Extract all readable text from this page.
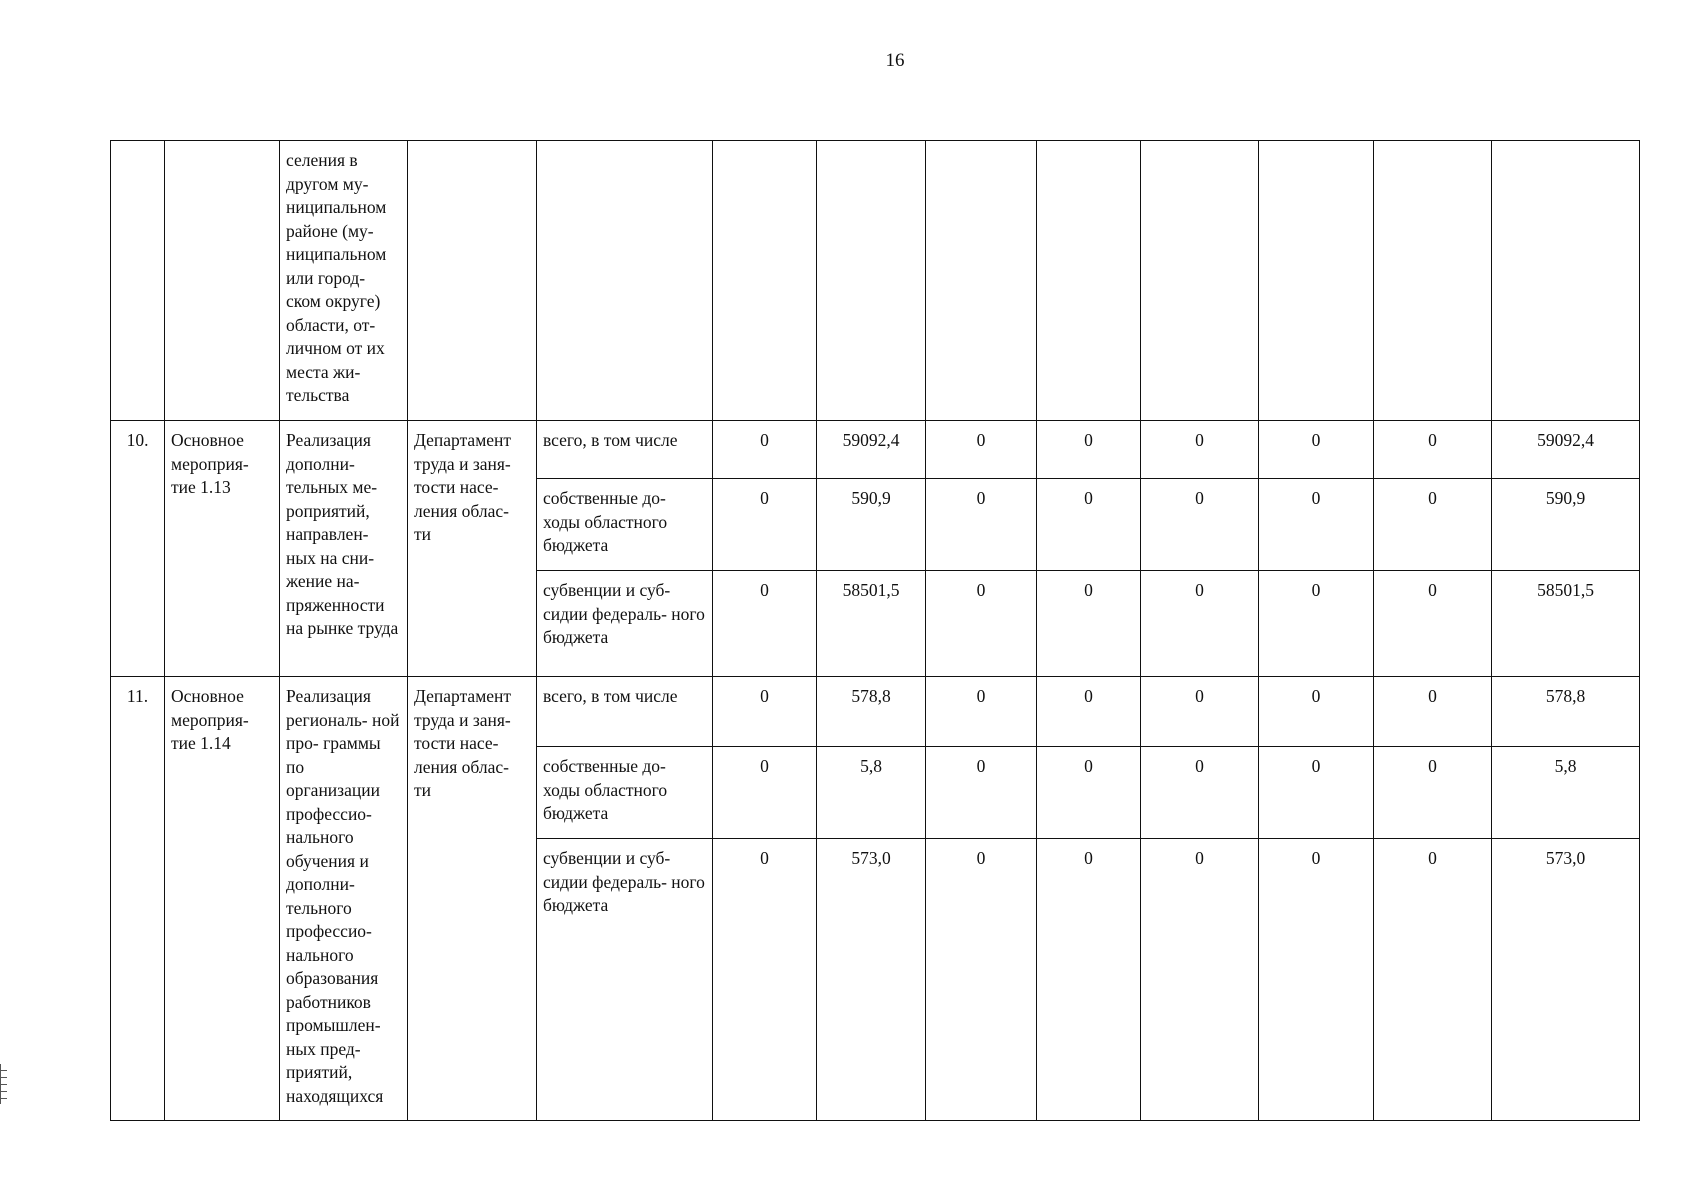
16
		селения в другом му- ниципальном районе (му- ниципальном или город- ском округе) области, от- личном от их места жи- тельства										
10.	Основное мероприя- тие 1.13	Реализация дополни- тельных ме- роприятий, направлен- ных на сни- жение на- пряженности на рынке труда	Департамент труда и заня- тости насе- ления облас- ти	всего, в том числе	0	59092,4	0	0	0	0	0	59092,4
				собственные до- ходы областного бюджета	0	590,9	0	0	0	0	0	590,9
				субвенции и суб- сидии федераль- ного бюджета	0	58501,5	0	0	0	0	0	58501,5
11.	Основное мероприя- тие 1.14	Реализация региональ- ной про- граммы по организации профессио- нального обучения и дополни- тельного профессио- нального образования работников промышлен- ных пред- приятий, находящихся	Департамент труда и заня- тости насе- ления облас- ти	всего, в том числе	0	578,8	0	0	0	0	0	578,8
				собственные до- ходы областного бюджета	0	5,8	0	0	0	0	0	5,8
				субвенции и суб- сидии федераль- ного бюджета	0	573,0	0	0	0	0	0	573,0
